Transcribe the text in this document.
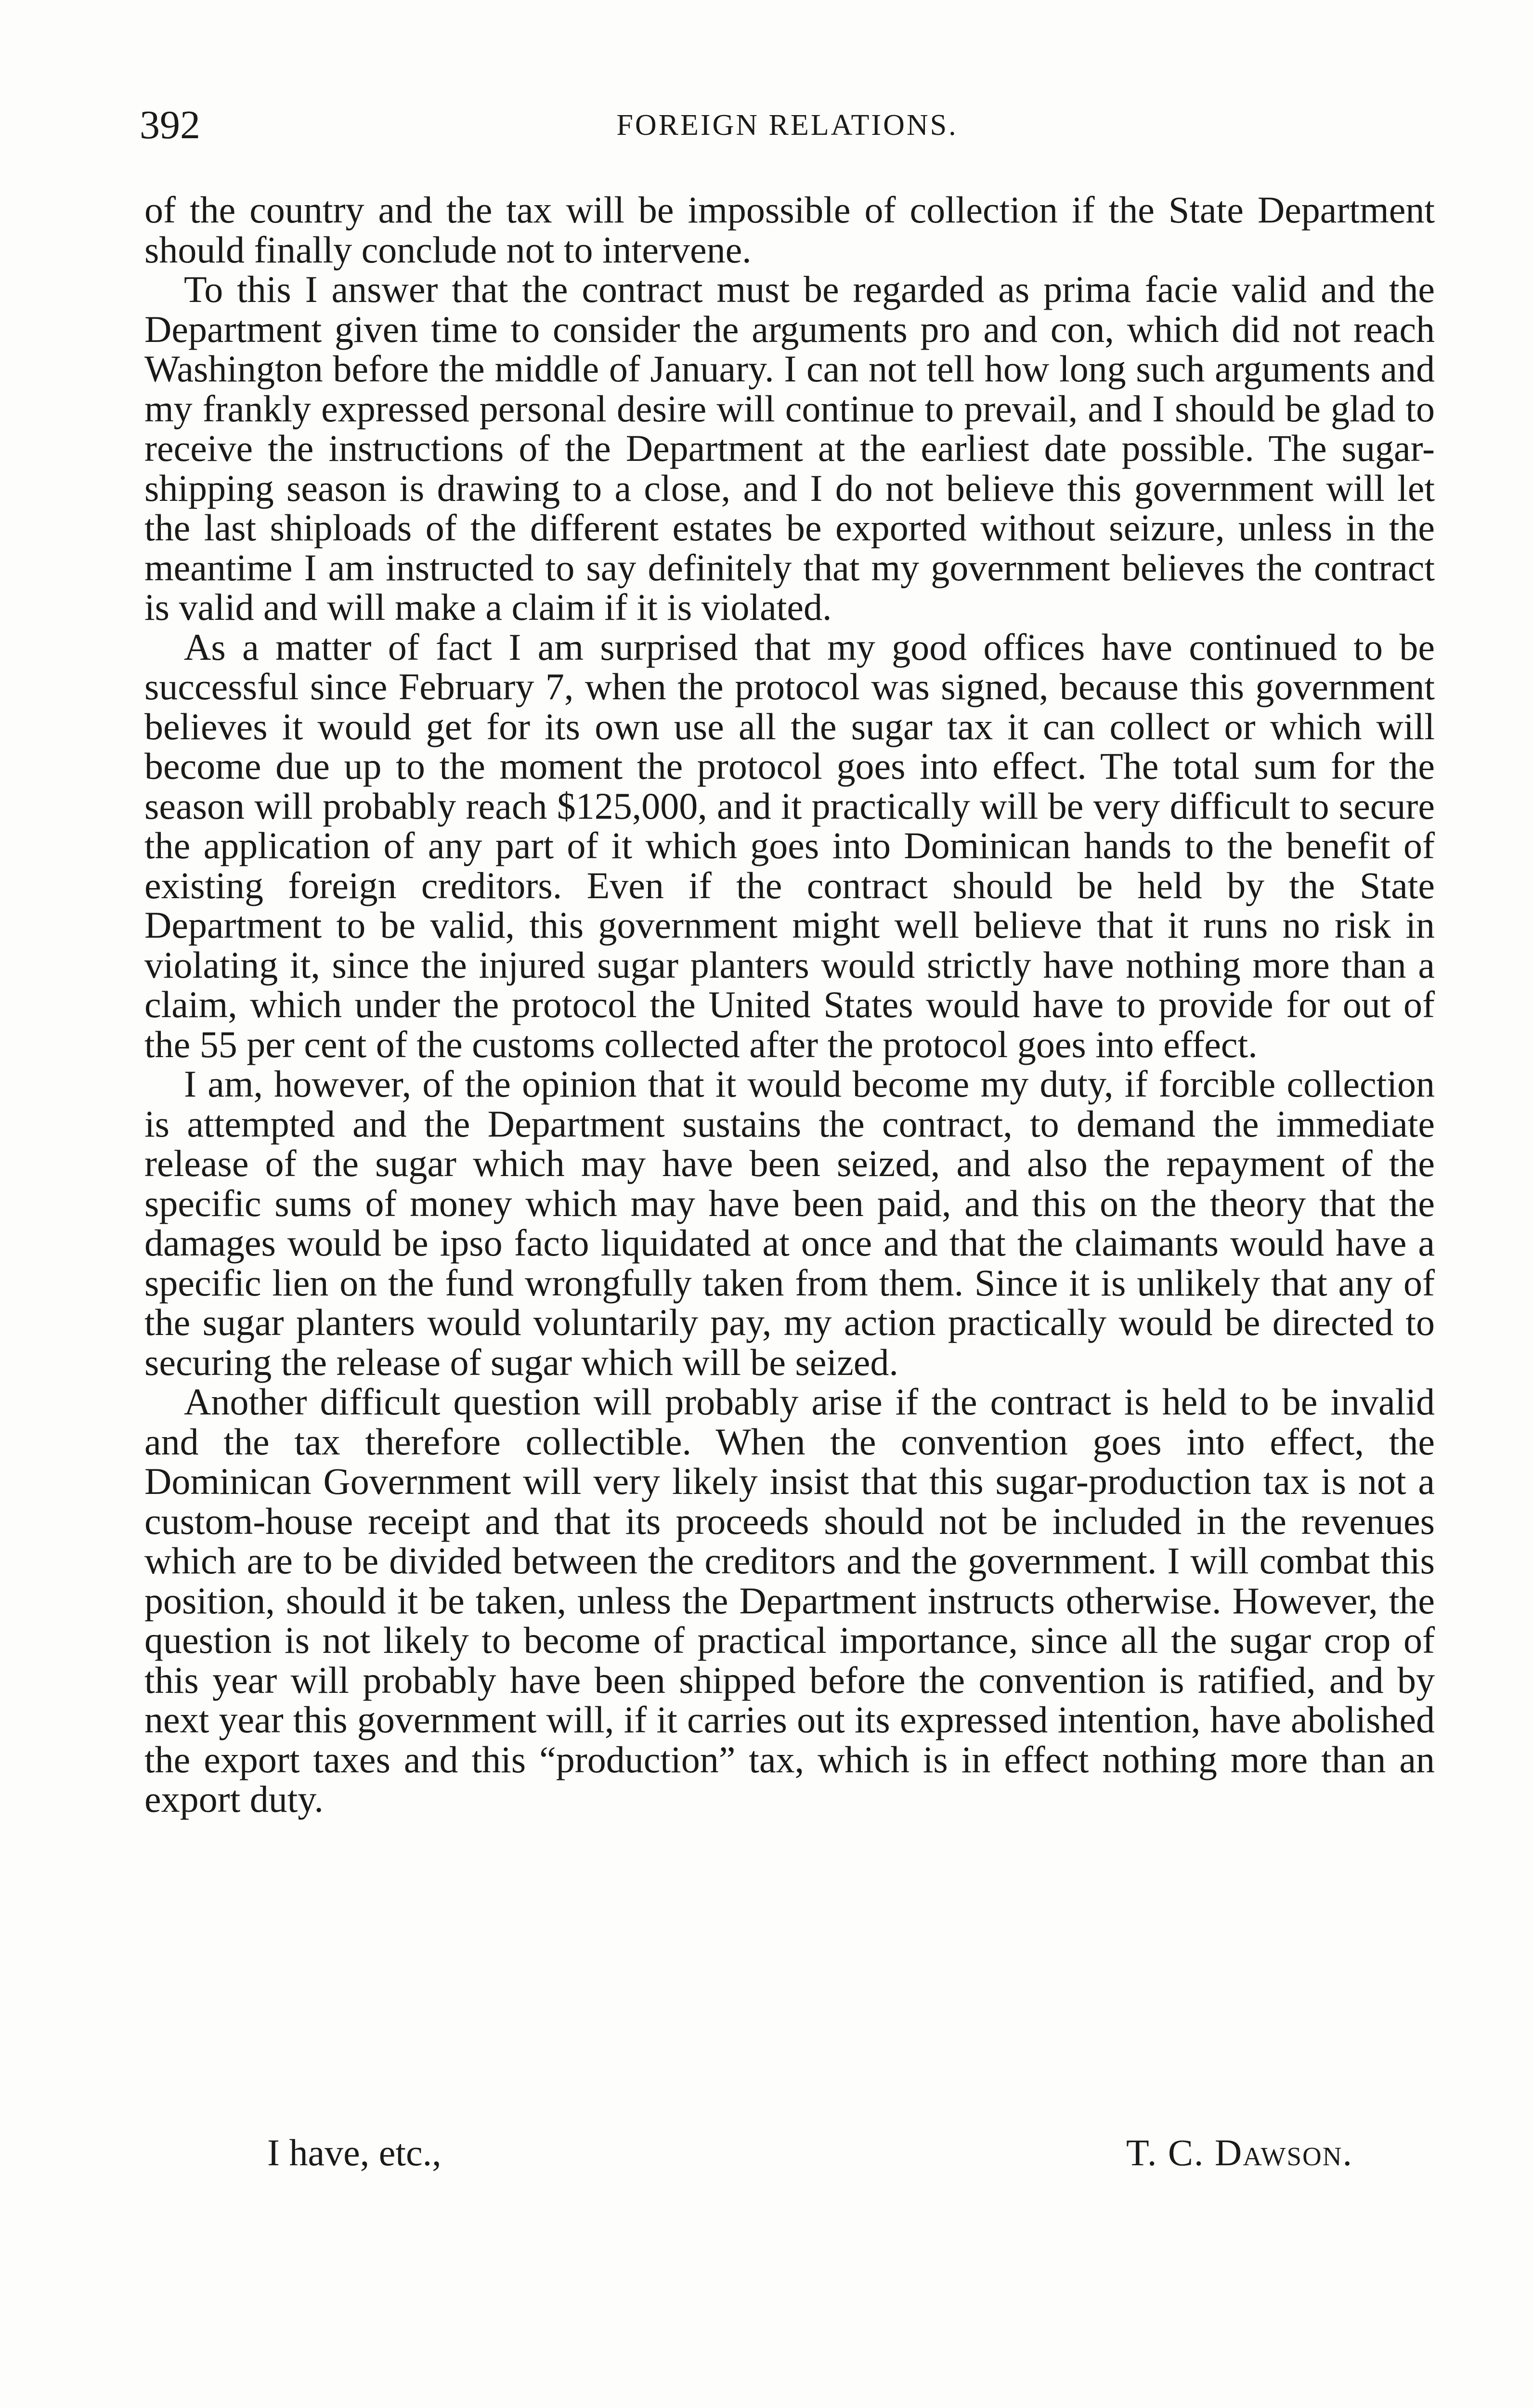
392	FOREIGN RELATIONS.

of the country and the tax will be impossible of collection if the State Department should finally conclude not to intervene.

To this I answer that the contract must be regarded as prima facie valid and the Department given time to consider the arguments pro and con, which did not reach Washington before the middle of January. I can not tell how long such arguments and my frankly expressed personal desire will continue to prevail, and I should be glad to receive the instructions of the Department at the earliest date possible. The sugar-shipping season is drawing to a close, and I do not believe this government will let the last shiploads of the different estates be exported without seizure, unless in the meantime I am instructed to say definitely that my government believes the contract is valid and will make a claim if it is violated.

As a matter of fact I am surprised that my good offices have continued to be successful since February 7, when the protocol was signed, because this government believes it would get for its own use all the sugar tax it can collect or which will become due up to the moment the protocol goes into effect. The total sum for the season will probably reach $125,000, and it practically will be very difficult to secure the application of any part of it which goes into Dominican hands to the benefit of existing foreign creditors. Even if the contract should be held by the State Department to be valid, this government might well believe that it runs no risk in violating it, since the injured sugar planters would strictly have nothing more than a claim, which under the protocol the United States would have to provide for out of the 55 per cent of the customs collected after the protocol goes into effect.

I am, however, of the opinion that it would become my duty, if forcible collection is attempted and the Department sustains the contract, to demand the immediate release of the sugar which may have been seized, and also the repayment of the specific sums of money which may have been paid, and this on the theory that the damages would be ipso facto liquidated at once and that the claimants would have a specific lien on the fund wrongfully taken from them. Since it is unlikely that any of the sugar planters would voluntarily pay, my action practically would be directed to securing the release of sugar which will be seized.

Another difficult question will probably arise if the contract is held to be invalid and the tax therefore collectible. When the convention goes into effect, the Dominican Government will very likely insist that this sugar-production tax is not a custom-house receipt and that its proceeds should not be included in the revenues which are to be divided between the creditors and the government. I will combat this position, should it be taken, unless the Department instructs otherwise. However, the question is not likely to become of practical importance, since all the sugar crop of this year will probably have been shipped before the convention is ratified, and by next year this government will, if it carries out its expressed intention, have abolished the export taxes and this “production” tax, which is in effect nothing more than an export duty.

I have, etc.,	T. C. Dawson.
